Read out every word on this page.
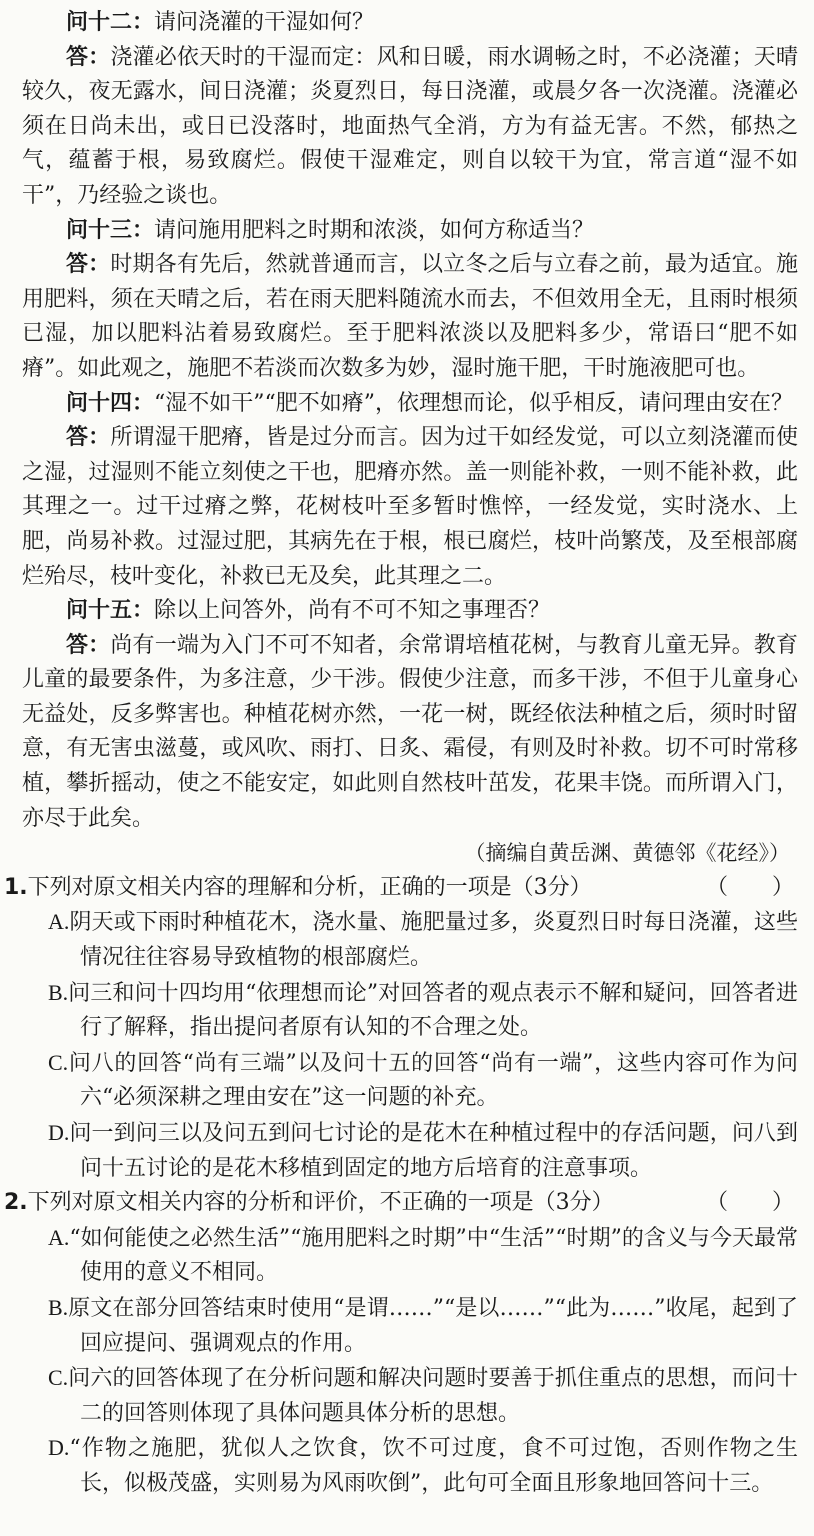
问十二：请问浇灌的干湿如何？

答：浇灌必依天时的干湿而定：风和日暖，雨水调畅之时，不必浇灌；天晴较久，夜无露水，间日浇灌；炎夏烈日，每日浇灌，或晨夕各一次浇灌。浇灌必须在日尚未出，或日已没落时，地面热气全消，方为有益无害。不然，郁热之气，蕴蓄于根，易致腐烂。假使干湿难定，则自以较干为宜，常言道“湿不如干”，乃经验之谈也。

问十三：请问施用肥料之时期和浓淡，如何方称适当？

答：时期各有先后，然就普通而言，以立冬之后与立春之前，最为适宜。施用肥料，须在天晴之后，若在雨天肥料随流水而去，不但效用全无，且雨时根须已湿，加以肥料沾着易致腐烂。至于肥料浓淡以及肥料多少，常语曰“肥不如瘠”。如此观之，施肥不若淡而次数多为妙，湿时施干肥，干时施液肥可也。

问十四：“湿不如干”“肥不如瘠”，依理想而论，似乎相反，请问理由安在？

答：所谓湿干肥瘠，皆是过分而言。因为过干如经发觉，可以立刻浇灌而使之湿，过湿则不能立刻使之干也，肥瘠亦然。盖一则能补救，一则不能补救，此其理之一。过干过瘠之弊，花树枝叶至多暂时憔悴，一经发觉，实时浇水、上肥，尚易补救。过湿过肥，其病先在于根，根已腐烂，枝叶尚繁茂，及至根部腐烂殆尽，枝叶变化，补救已无及矣，此其理之二。

问十五：除以上问答外，尚有不可不知之事理否？

答：尚有一端为入门不可不知者，余常谓培植花树，与教育儿童无异。教育儿童的最要条件，为多注意，少干涉。假使少注意，而多干涉，不但于儿童身心无益处，反多弊害也。种植花树亦然，一花一树，既经依法种植之后，须时时留意，有无害虫滋蔓，或风吹、雨打、日炙、霜侵，有则及时补救。切不可时常移植，攀折摇动，使之不能安定，如此则自然枝叶茁发，花果丰饶。而所谓入门，亦尽于此矣。

（摘编自黄岳渊、黄德邻《花经》）

1. 下列对原文相关内容的理解和分析，正确的一项是（3分）	（　　）

A.阴天或下雨时种植花木，浇水量、施肥量过多，炎夏烈日时每日浇灌，这些情况往往容易导致植物的根部腐烂。

B.问三和问十四均用“依理想而论”对回答者的观点表示不解和疑问，回答者进行了解释，指出提问者原有认知的不合理之处。

C.问八的回答“尚有三端”以及问十五的回答“尚有一端”，这些内容可作为问六“必须深耕之理由安在”这一问题的补充。

D.问一到问三以及问五到问七讨论的是花木在种植过程中的存活问题，问八到问十五讨论的是花木移植到固定的地方后培育的注意事项。

2. 下列对原文相关内容的分析和评价，不正确的一项是（3分）	（　　）

A.“如何能使之必然生活”“施用肥料之时期”中“生活”“时期”的含义与今天最常使用的意义不相同。

B.原文在部分回答结束时使用“是谓……”“是以……”“此为……”收尾，起到了回应提问、强调观点的作用。

C.问六的回答体现了在分析问题和解决问题时要善于抓住重点的思想，而问十二的回答则体现了具体问题具体分析的思想。

D.“作物之施肥，犹似人之饮食，饮不可过度，食不可过饱，否则作物之生长，似极茂盛，实则易为风雨吹倒”，此句可全面且形象地回答问十三。
